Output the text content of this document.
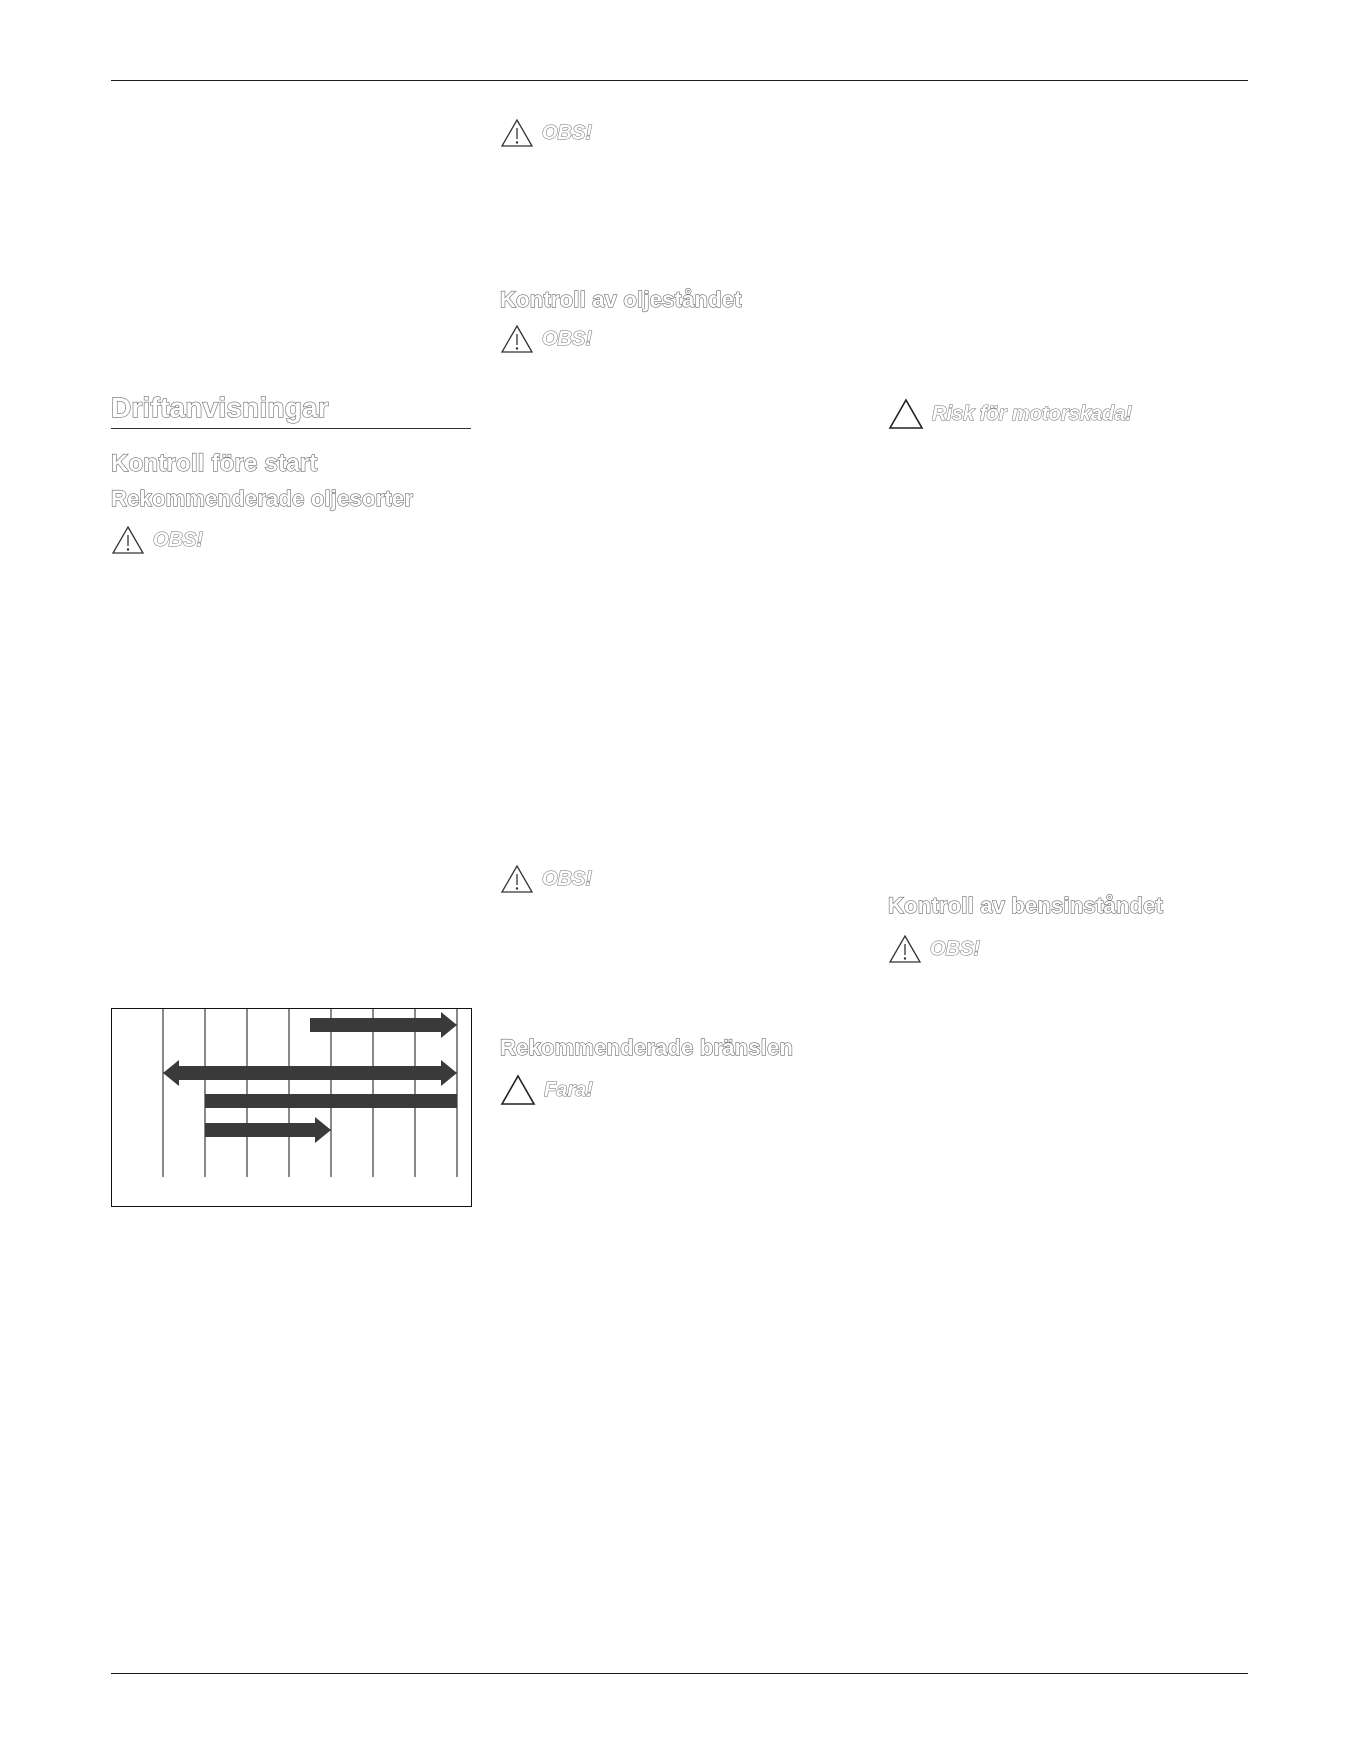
OBS!
Kontroll av oljeståndet
OBS!
Driftanvisningar
Kontroll före start
Rekommenderade oljesorter
OBS!
Risk för motorskada!
OBS!
Rekommenderade bränslen
Fara!
Kontroll av bensinståndet
OBS!
